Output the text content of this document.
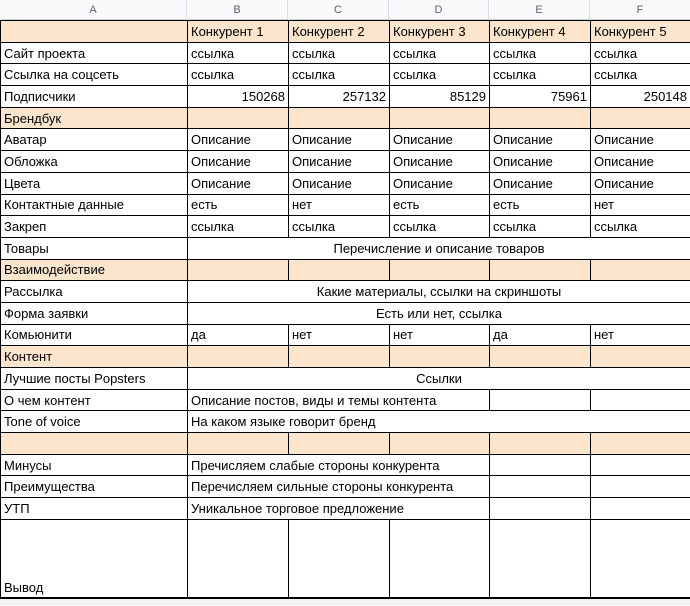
A	B	C	D	E	F
	Конкурент 1	Конкурент 2	Конкурент 3	Конкурент 4	Конкурент 5
Сайт проекта	ссылка	ссылка	ссылка	ссылка	ссылка
Ссылка на соцсеть	ссылка	ссылка	ссылка	ссылка	ссылка
Подписчики	150268	257132	85129	75961	250148
Брендбук					
Аватар	Описание	Описание	Описание	Описание	Описание
Обложка	Описание	Описание	Описание	Описание	Описание
Цвета	Описание	Описание	Описание	Описание	Описание
Контактные данные	есть	нет	есть	есть	нет
Закреп	ссылка	ссылка	ссылка	ссылка	ссылка
Товары	Перечисление и описание товаров				
Взаимодействие					
Рассылка	Какие материалы, ссылки на скриншоты				
Форма заявки	Есть или нет, ссылка				
Комьюнити	да	нет	нет	да	нет
Контент					
Лучшие посты Popsters	Ссылки				
О чем контент	Описание постов, виды и темы контента				
Tone of voice	На каком языке говорит бренд				

Минусы	Пречисляем слабые стороны конкурента				
Преимущества	Перечисляем сильные стороны конкурента				
УТП	Уникальное торговое предложение				
Вывод					
